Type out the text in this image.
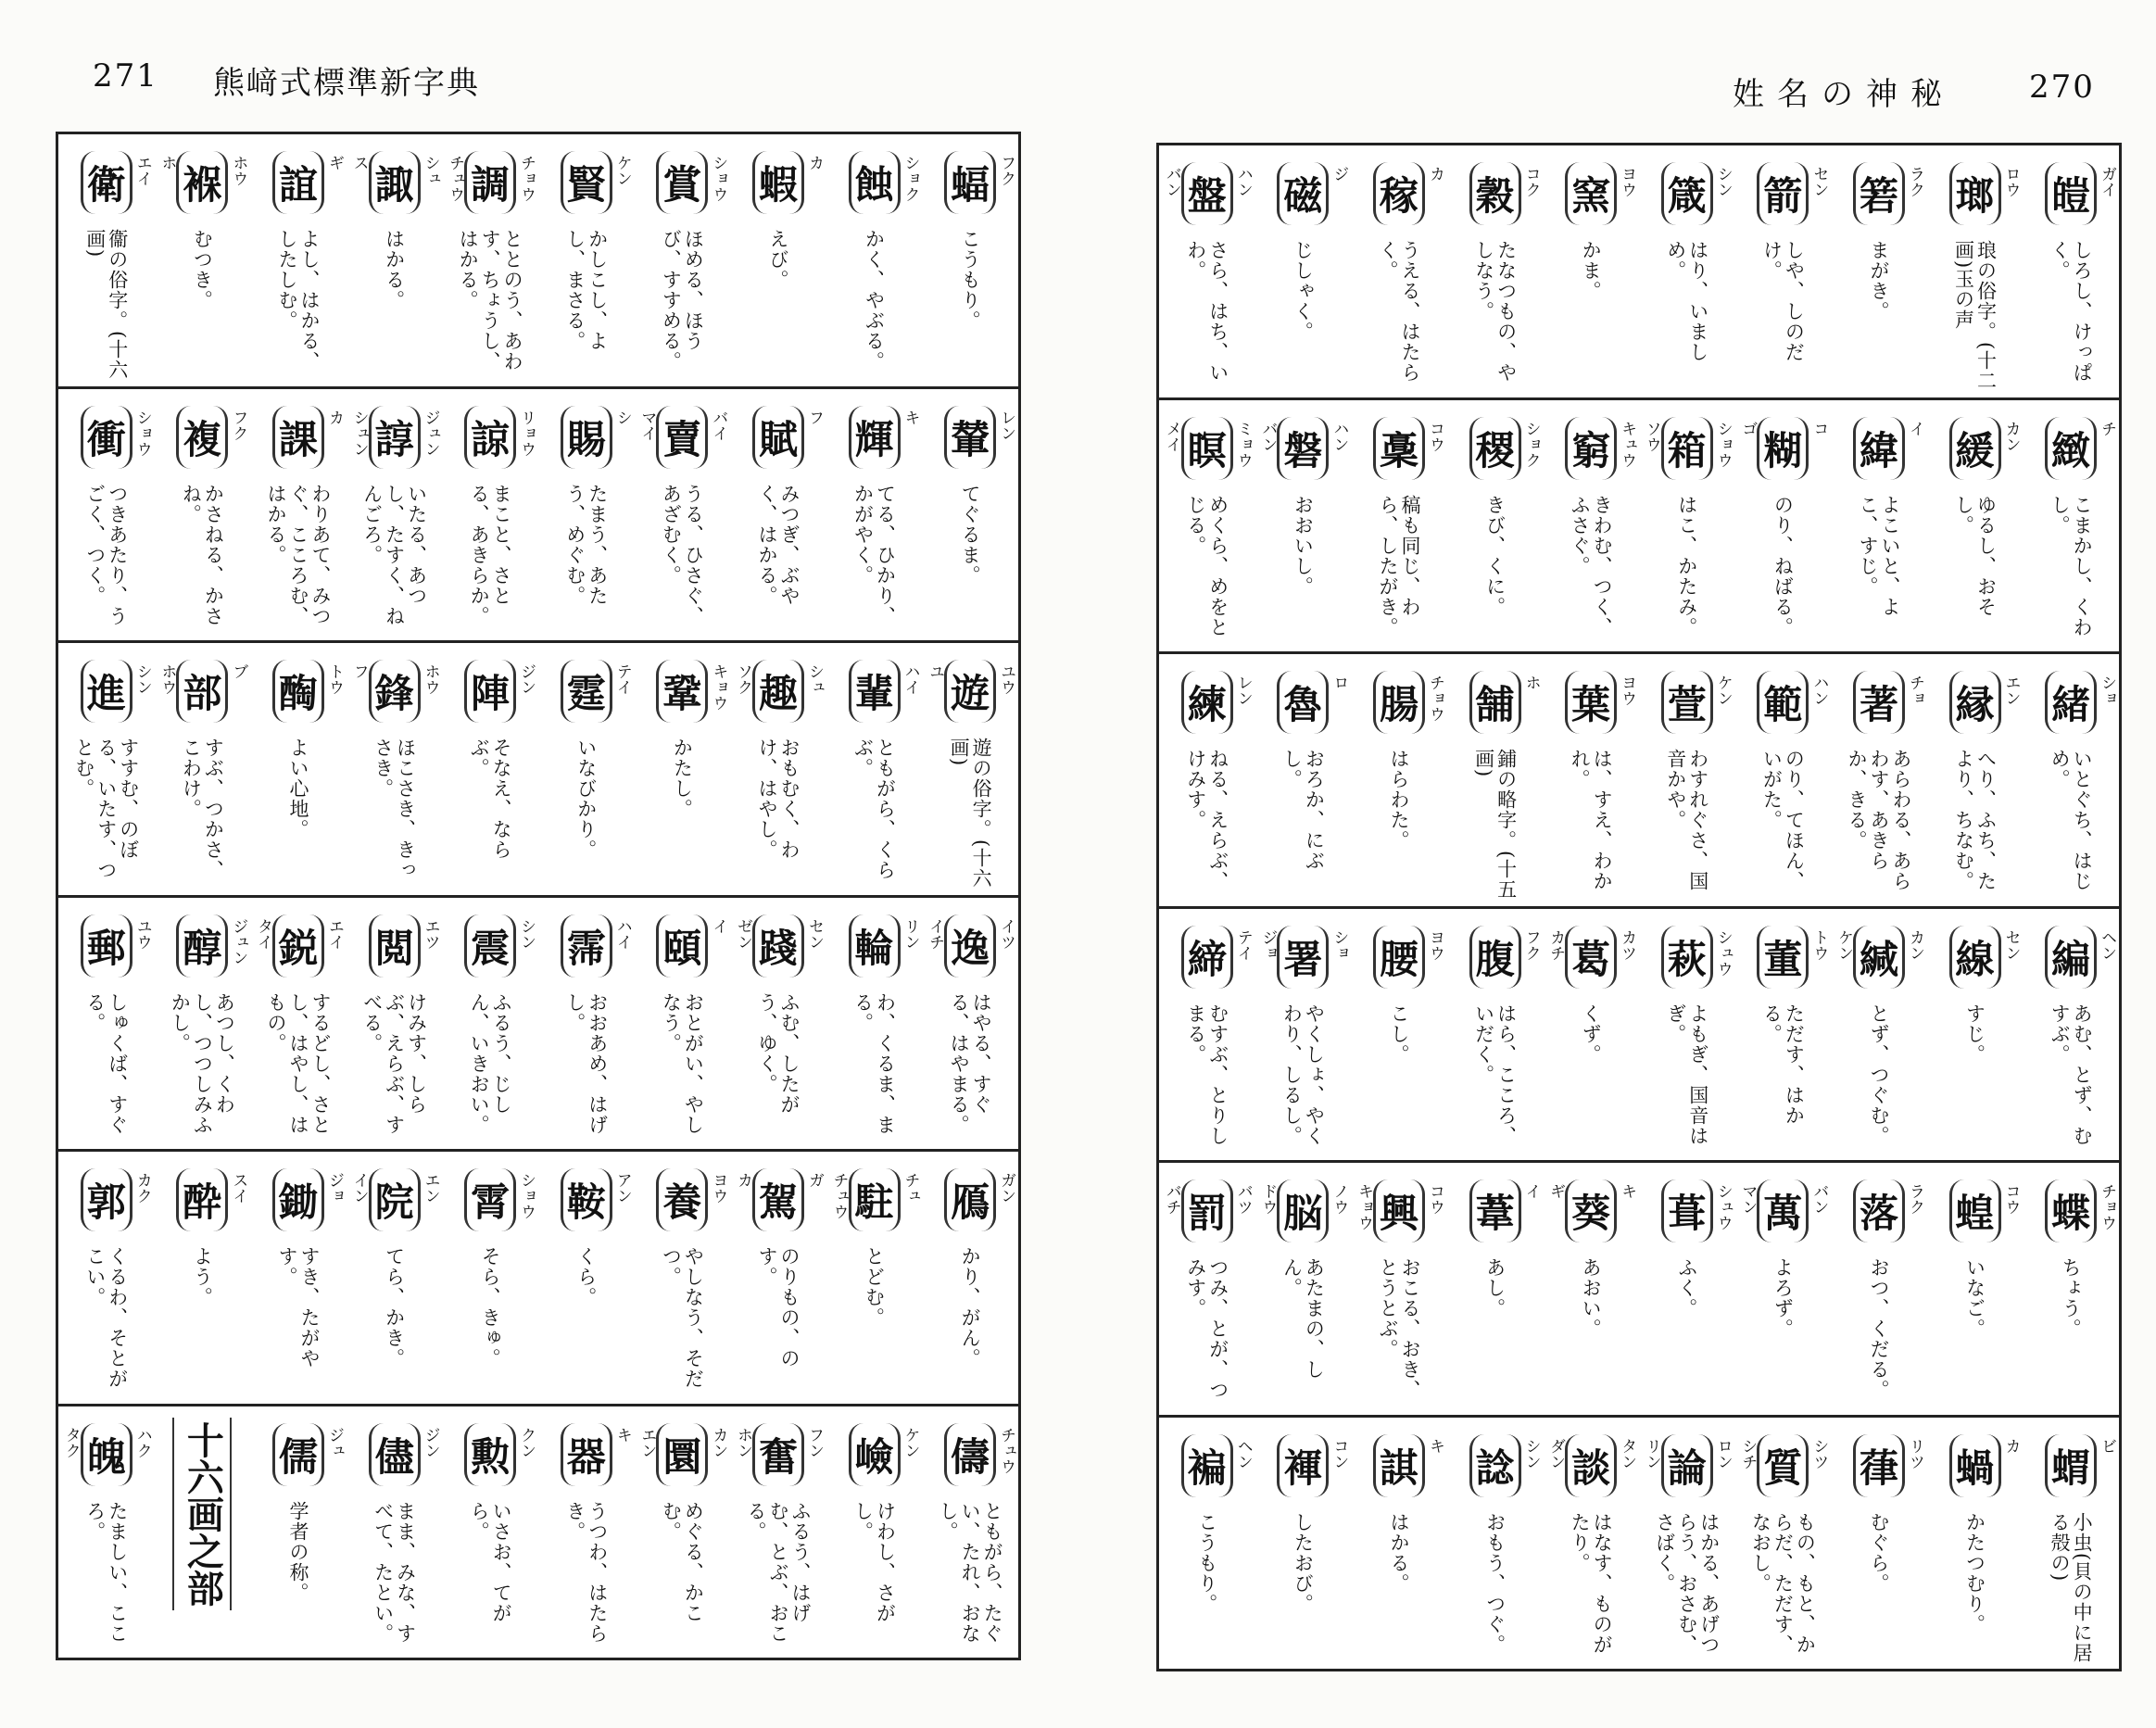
271 熊﨑式標準新字典	姓名の神秘 270
衛 エイ
衞の俗字。(十六画)
褓 ホウ
ホ
むつき。
誼 ギ
よし、はかる、したしむ。
諏 シュ
ス
はかる。
調 チョウ
チュウ
ととのう、あわす、ちょうし、はかる。
賢 ケン
かしこし、よし、まさる。
賞 ショウ
ほめる、ほうび、すすめる。
蝦 カ
えび。
蝕 ショク
かく、やぶる。
蝠 フク
こうもり。
衝 ショウ
つきあたり、うごく、つく。
複 フク
かさねる、かさね。
課 カ
わりあて、みつぐ、こころむ、はかる。
諄 ジュン
シュン
いたる、あつし、たすく、ねんごろ。
諒 リョウ
まこと、さとる、あきらか。
賜 シ
たまう、あたう、めぐむ。
賣 バイ
マイ
うる、ひさぐ、あざむく。
賦 フ
みつぎ、ぶやく、はかる。
輝 キ
てる、ひかり、かがやく。
輦 レン
てぐるま。
進 シン
すすむ、のぼる、いたす、つとむ。
部 ブ
ホウ
すぶ、つかさ、こわけ。
醄 トウ
よい心地。
鋒 ホウ
フ
ほこさき、きっさき。
陣 ジン
そなえ、ならぶ。
霆 テイ
いなびかり。
鞏 キョウ
かたし。
趣 シュ
ソク
おもむく、わけ、はやし。
輩 ハイ
ともがら、くらぶ。
遊 ユウ
ユ
遊の俗字。(十六画)
郵 ユウ
しゅくば、すぐる。
醇 ジュン
あつし、くわし、つつしみふかし。
鋭 エイ
タイ
するどし、さとし、はやし、はもの。
閲 エツ
けみす、しらぶ、えらぶ、すべる。
震 シン
ふるう、じしん、いきおい。
霈 ハイ
おおあめ、はげし。
頤 イ
おとがい、やしなう。
踐 セン
ゼン
ふむ、したがう、ゆく。
輪 リン
わ、くるま、まる。
逸 イツ
イチ
はやる、すぐる、はやまる。
郭 カク
くるわ、そとがこい。
酔 スイ
よう。
鋤 ジョ
すき、たがやす。
院 エン
イン
てら、かき。
霄 ショウ
そら、きゅ。
鞍 アン
くら。
養 ヨウ
やしなう、そだつ。
駕 ガ
カ
のりもの、のす。
駐 チュ
チュウ
とどむ。
鴈 ガン
かり、がん。
魄 ハク
タク
たましい、こころ。	十六画之部 儒 ジュ
学者の称。
儘 ジン
まま、みな、すべて、たとい。
勲 クン
いさお、てがら。
器 キ
うつわ、はたらき。
圜 カン
エン
めぐる、かこむ。
奮 フン
ホン
ふるう、はげむ、とぶ、おこる。
嶮 ケン
けわし、さがし。
儔 チュウ
ともがら、たぐい、たれ、おなし。
盤 ハン
バン
さら、はち、いわ。
磁 ジ
じしゃく。
稼 カ
うえる、はたらく。
穀 コク
たなつもの、やしなう。
窯 ヨウ
かま。
箴 シン
はり、いましめ。
箭 セン
しや、しのだけ。
箬 ラク
まがき。
瑯 ロウ
琅の俗字。(十二画)玉の声
皚 ガイ
しろし、けっぱく。
瞑 ミョウ
メイ
めくら、めをとじる。
磐 ハン
バン
おおいし。
稾 コウ
稿も同じ、わら、したがき。
稷 ショク
きび、くに。
窮 キュウ
きわむ、つく、ふさぐ。
箱 ショウ
ソウ
はこ、かたみ。
糊 コ
ゴ
のり、ねばる。
緯 イ
よこいと、よこ、すじ。
緩 カン
ゆるし、おそし。
緻 チ
こまかし、くわし。
練 レン
ねる、えらぶ、けみす。
魯 ロ
おろか、にぶし。
腸 チョウ
はらわた。
舗 ホ
鋪の略字。(十五画)
葉 ヨウ
は、すえ、わかれ。
萱 ケン
わすれぐさ、国音かや。
範 ハン
のり、てほん、いがた。
著 チョ
あらわる、あらわす、あきらか、きる。
縁 エン
へり、ふち、たより、ちなむ。
緒 ショ
いとぐち、はじめ。
締 テイ
むすぶ、とりしまる。
署 ショ
ジョ
やくしょ、やくわり、しるし。
腰 ヨウ
こし。
腹 フク
はら、こころ、いだく。
葛 カツ
カチ
くず。
萩 シュウ
よもぎ、国音はぎ。
董 トウ
ただす、はかる。
緘 カン
ケン
とず、つぐむ。
線 セン
すじ。
編 ヘン
あむ、とず、むすぶ。
罰 バツ
バチ
つみ、とが、つみす。
脳 ノウ
ドウ
あたまの、しん。
興 コウ
キョウ
おこる、おき、とうとぶ。
葦 イ
あし。
葵 キ
ギ
あおい。
葺 シュウ
ふく。
萬 バン
マン
よろず。
落 ラク
おつ、くだる。
蝗 コウ
いなご。
蝶 チョウ
ちょう。
褊 ヘン
こうもり。
褌 コン
したおび。
諆 キ
はかる。
諗 シン
おもう、つぐ。
談 タン
ダン
はなす、ものがたり。
論 ロン
リン
はかる、あげつらう、おさむ、さばく。
質 シツ
シチ
もの、もと、からだ、ただす、なおし。
葎 リツ
むぐら。
蝸 カ
かたつむり。
蝟 ビ
小虫(貝の中に居る殻の)
